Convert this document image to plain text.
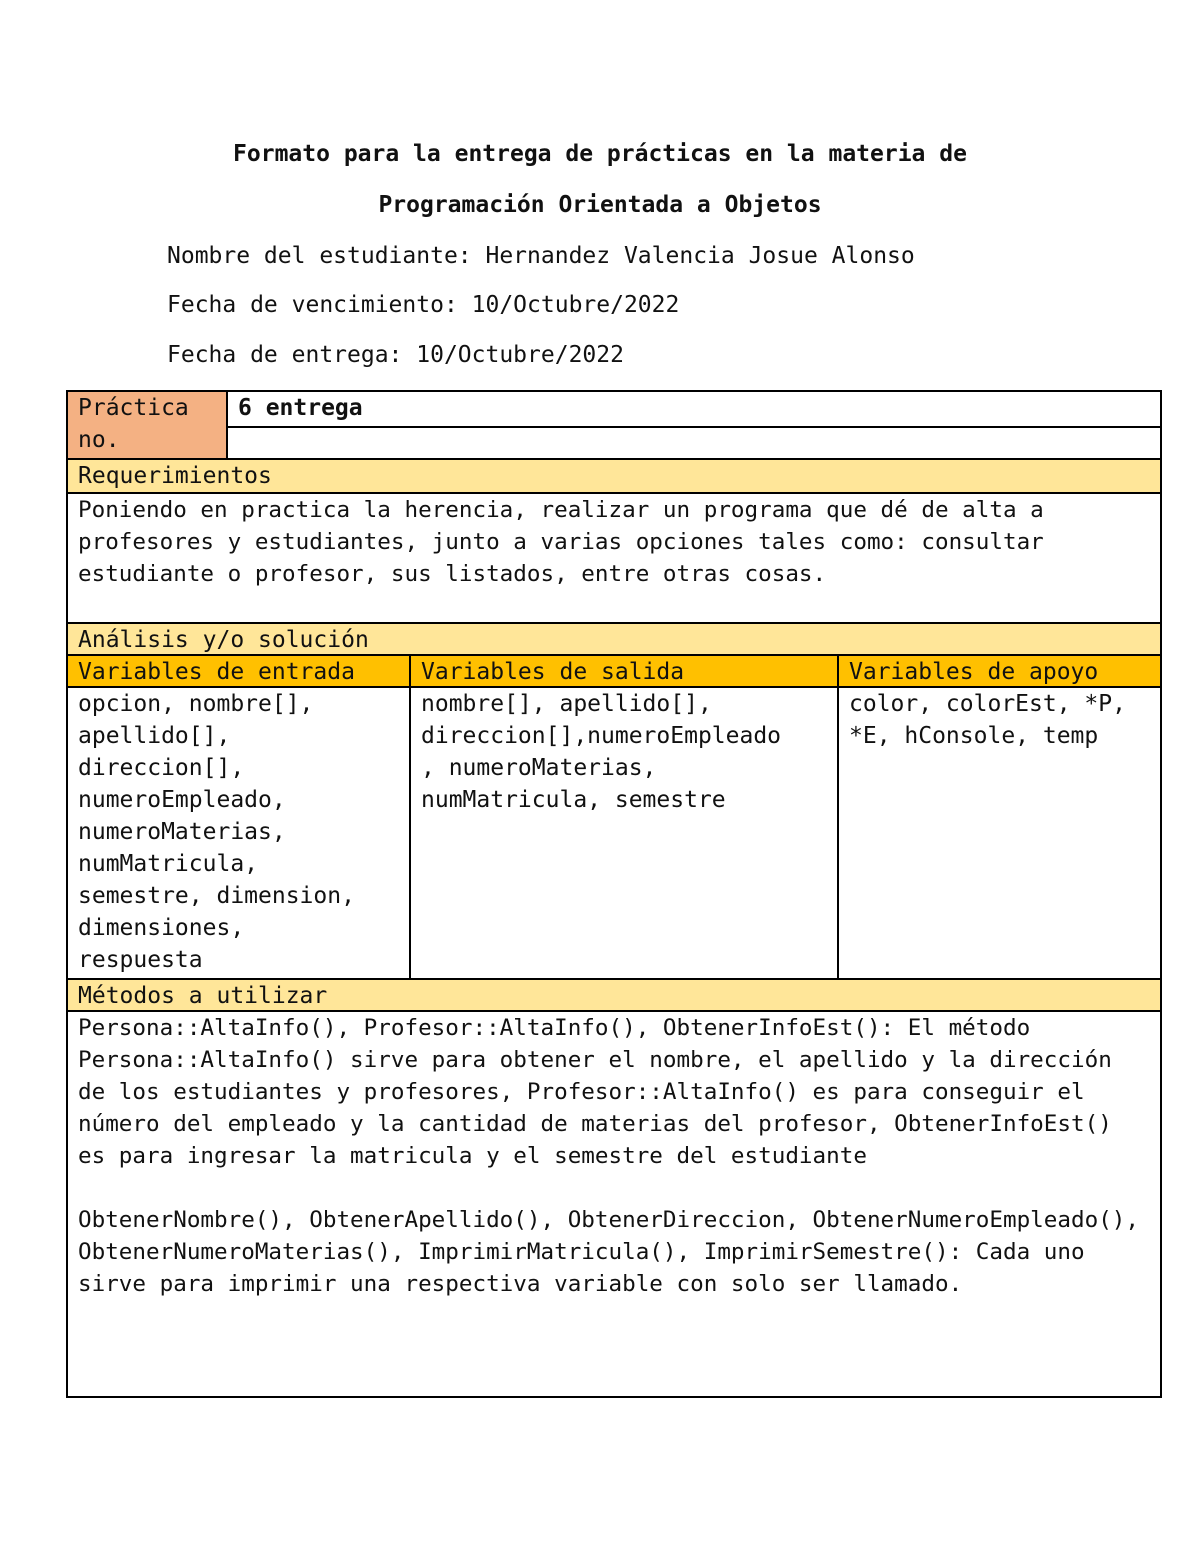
Formato para la entrega de prácticas en la materia de
Programación Orientada a Objetos
Nombre del estudiante: Hernandez Valencia Josue Alonso
Fecha de vencimiento: 10/Octubre/2022
Fecha de entrega: 10/Octubre/2022
Práctica no.
6 entrega
Requerimientos
Poniendo en practica la herencia, realizar un programa que dé de alta a profesores y estudiantes, junto a varias opciones tales como: consultar estudiante o profesor, sus listados, entre otras cosas.
Análisis y/o solución
Variables de entrada	Variables de salida	Variables de apoyo
opcion, nombre[],
apellido[],
direccion[],
numeroEmpleado,
numeroMaterias,
numMatricula,
semestre, dimension,
dimensiones,
respuesta
nombre[], apellido[],
direccion[],numeroEmpleado
, numeroMaterias,
numMatricula, semestre
color, colorEst, *P,
*E, hConsole, temp
Métodos a utilizar
Persona::AltaInfo(), Profesor::AltaInfo(), ObtenerInfoEst(): El método Persona::AltaInfo() sirve para obtener el nombre, el apellido y la dirección de los estudiantes y profesores, Profesor::AltaInfo() es para conseguir el número del empleado y la cantidad de materias del profesor, ObtenerInfoEst() es para ingresar la matricula y el semestre del estudiante
ObtenerNombre(), ObtenerApellido(), ObtenerDireccion, ObtenerNumeroEmpleado(), ObtenerNumeroMaterias(), ImprimirMatricula(), ImprimirSemestre(): Cada uno sirve para imprimir una respectiva variable con solo ser llamado.
